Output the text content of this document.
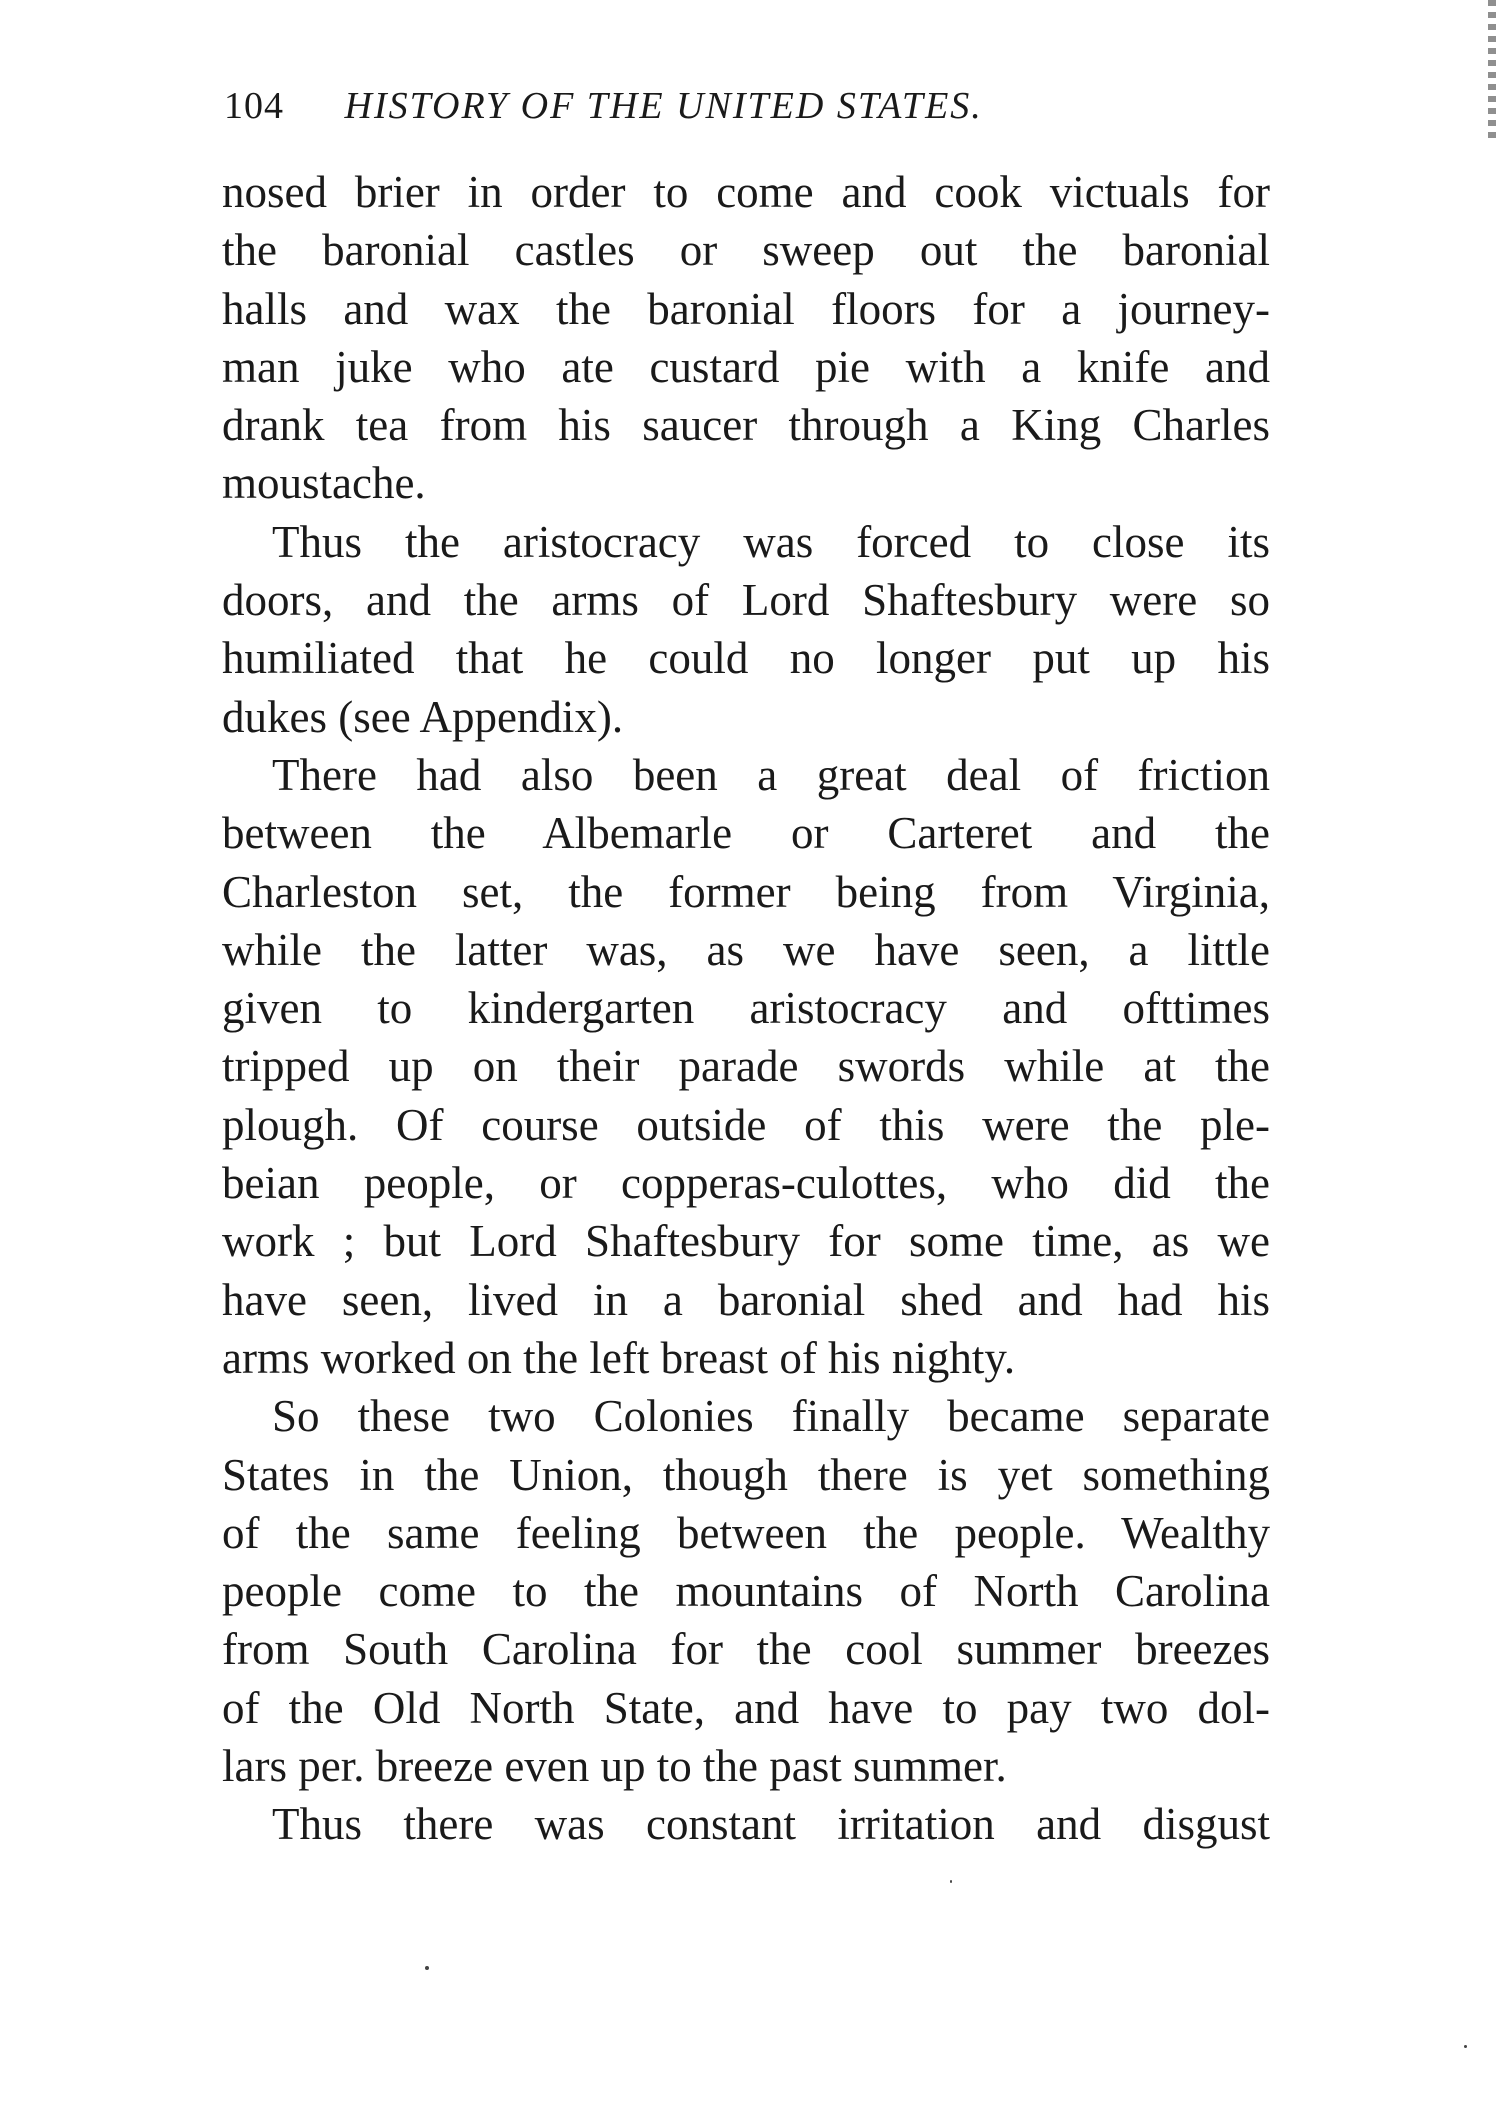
104 HISTORY OF THE UNITED STATES.
nosed brier in order to come and cook victuals for
the baronial castles or sweep out the baronial
halls and wax the baronial floors for a journey-
man juke who ate custard pie with a knife and
drank tea from his saucer through a King Charles
moustache.
Thus the aristocracy was forced to close its
doors, and the arms of Lord Shaftesbury were so
humiliated that he could no longer put up his
dukes (see Appendix).
There had also been a great deal of friction
between the Albemarle or Carteret and the
Charleston set, the former being from Virginia,
while the latter was, as we have seen, a little
given to kindergarten aristocracy and ofttimes
tripped up on their parade swords while at the
plough. Of course outside of this were the ple-
beian people, or copperas-culottes, who did the
work ; but Lord Shaftesbury for some time, as we
have seen, lived in a baronial shed and had his
arms worked on the left breast of his nighty.
So these two Colonies finally became separate
States in the Union, though there is yet something
of the same feeling between the people. Wealthy
people come to the mountains of North Carolina
from South Carolina for the cool summer breezes
of the Old North State, and have to pay two dol-
lars per. breeze even up to the past summer.
Thus there was constant irritation and disgust
